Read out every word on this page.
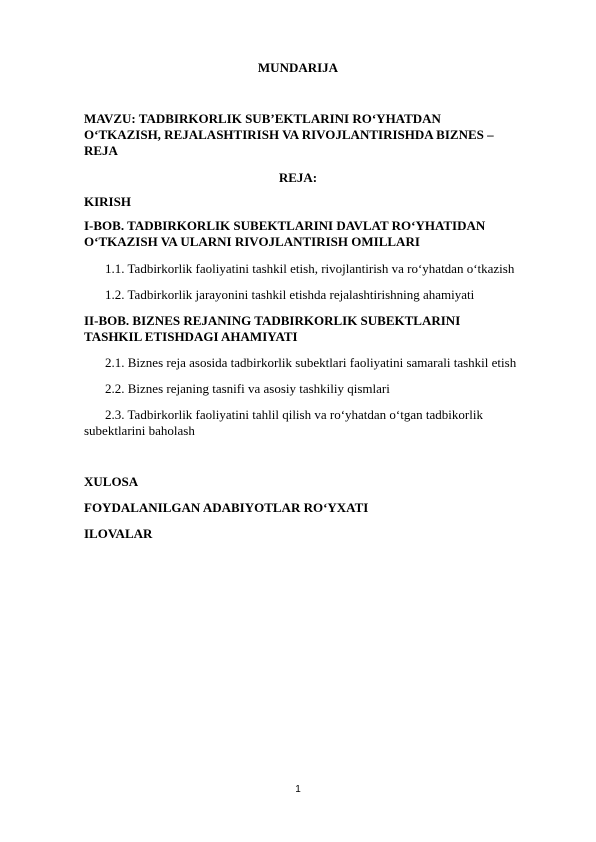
MUNDARIJA
MAVZU: TADBIRKORLIK SUB’EKTLARINI RO‘YHATDAN
O‘TKAZISH, REJALASHTIRISH VA RIVOJLANTIRISHDA BIZNES –
REJA
REJA:
KIRISH
I-BOB. TADBIRKORLIK SUBEKTLARINI DAVLAT RO‘YHATIDAN
O‘TKAZISH VA ULARNI RIVOJLANTIRISH OMILLARI
1.1. Tadbirkorlik faoliyatini tashkil etish, rivojlantirish va ro‘yhatdan o‘tkazish
1.2. Tadbirkorlik jarayonini tashkil etishda rejalashtirishning ahamiyati
II-BOB. BIZNES REJANING TADBIRKORLIK SUBEKTLARINI
TASHKIL ETISHDAGI AHAMIYATI
2.1. Biznes reja asosida tadbirkorlik subektlari faoliyatini samarali tashkil etish
2.2. Biznes rejaning tasnifi va asosiy tashkiliy qismlari
2.3. Tadbirkorlik faoliyatini tahlil qilish va ro‘yhatdan o‘tgan tadbikorlik
subektlarini baholash
XULOSA
FOYDALANILGAN ADABIYOTLAR RO‘YXATI
ILOVALAR
1
